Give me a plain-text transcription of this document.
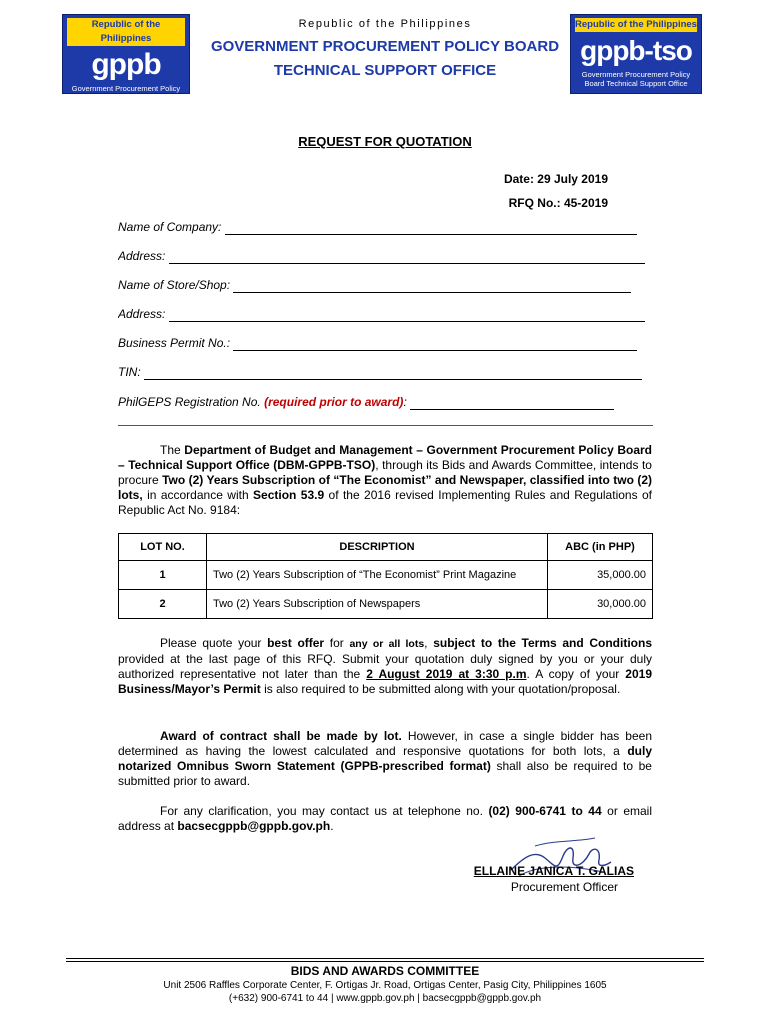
Republic of the Philippines
gppb
Government Procurement Policy Board
Republic of the Philippines
GOVERNMENT PROCUREMENT POLICY BOARD
TECHNICAL SUPPORT OFFICE
Republic of the Philippines
gppb-tso
Government Procurement Policy Board Technical Support Office
REQUEST FOR QUOTATION
Date: 29 July 2019
RFQ No.: 45-2019
Name of Company:
Address:
Name of Store/Shop:
Address:
Business Permit No.:
TIN:
PhilGEPS Registration No. (required prior to award):
The Department of Budget and Management – Government Procurement Policy Board – Technical Support Office (DBM-GPPB-TSO), through its Bids and Awards Committee, intends to procure Two (2) Years Subscription of “The Economist” and Newspaper, classified into two (2) lots, in accordance with Section 53.9 of the 2016 revised Implementing Rules and Regulations of Republic Act No. 9184:
LOT NO.	DESCRIPTION	ABC (in PHP)
1	Two (2) Years Subscription of “The Economist” Print Magazine	35,000.00
2	Two (2) Years Subscription of Newspapers	30,000.00
Please quote your best offer for any or all lots, subject to the Terms and Conditions provided at the last page of this RFQ. Submit your quotation duly signed by you or your duly authorized representative not later than the 2 August 2019 at 3:30 p.m. A copy of your 2019 Business/Mayor’s Permit is also required to be submitted along with your quotation/proposal.
Award of contract shall be made by lot. However, in case a single bidder has been determined as having the lowest calculated and responsive quotations for both lots, a duly notarized Omnibus Sworn Statement (GPPB-prescribed format) shall also be required to be submitted prior to award.
For any clarification, you may contact us at telephone no. (02) 900-6741 to 44 or email address at bacsecgppb@gppb.gov.ph.
ELLAINE JANICA T. GALIAS
Procurement Officer
BIDS AND AWARDS COMMITTEE
Unit 2506 Raffles Corporate Center, F. Ortigas Jr. Road, Ortigas Center, Pasig City, Philippines 1605
(+632) 900-6741 to 44 | www.gppb.gov.ph | bacsecgppb@gppb.gov.ph
